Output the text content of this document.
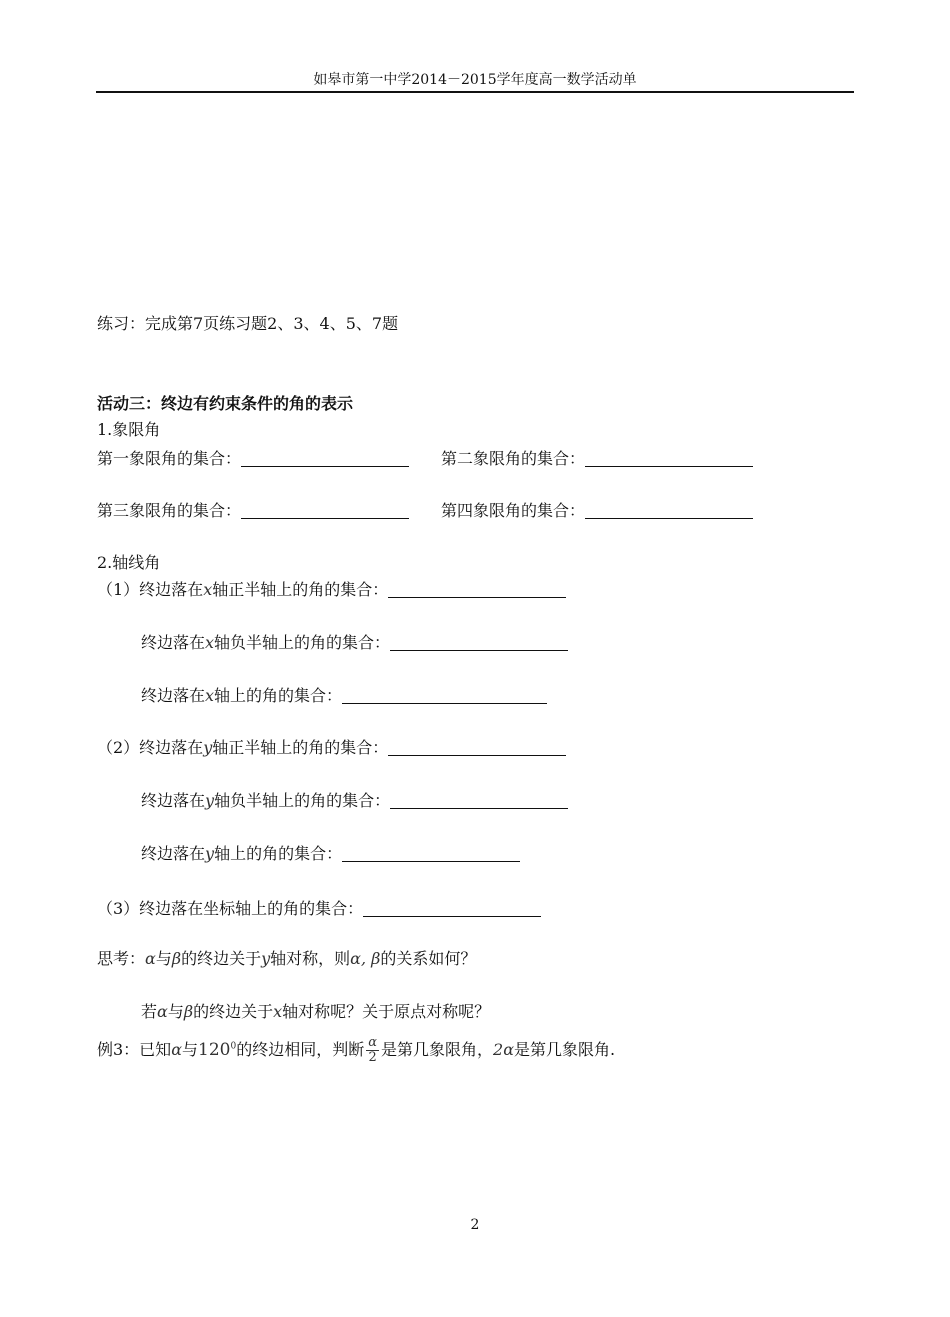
如皋市第一中学2014－2015学年度高一数学活动单
练习：完成第7页练习题2、3、4、5、7题
活动三：终边有约束条件的角的表示
1.象限角
第一象限角的集合：	第二象限角的集合：
第三象限角的集合：	第四象限角的集合：
2.轴线角
（1）终边落在x轴正半轴上的角的集合：
终边落在x轴负半轴上的角的集合：
终边落在x轴上的角的集合：
（2）终边落在y轴正半轴上的角的集合：
终边落在y轴负半轴上的角的集合：
终边落在y轴上的角的集合：
（3）终边落在坐标轴上的角的集合：
思考：α与β的终边关于y轴对称，则α, β的关系如何？
若α与β的终边关于x轴对称呢？关于原点对称呢？
例3：已知α与$120^0$的终边相同，判断 $\frac{\alpha}{2}$ 是第几象限角，2α是第几象限角.
2
